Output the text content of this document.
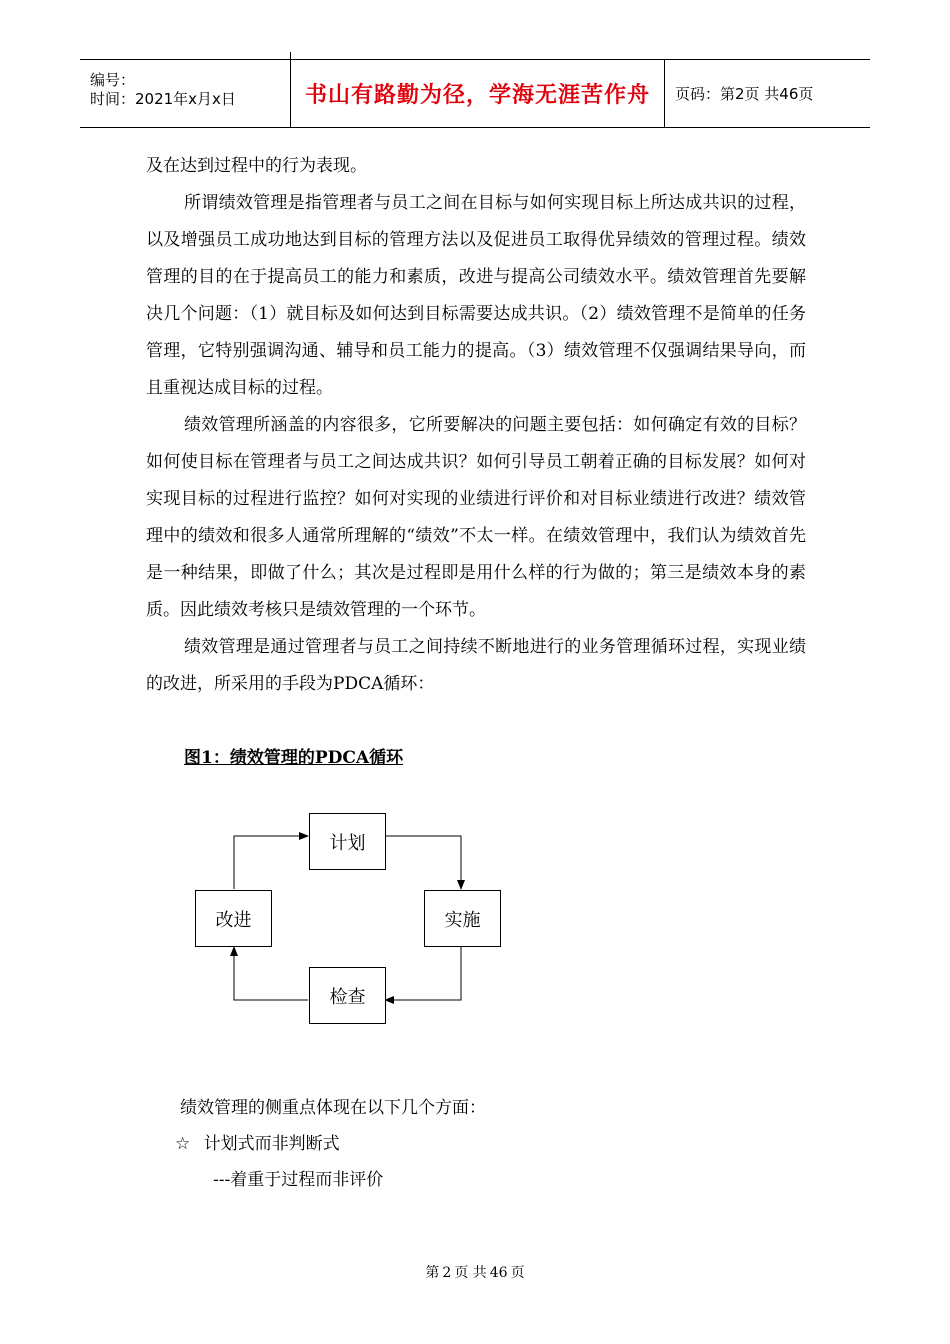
编号：
时间：2021年x月x日	书山有路勤为径，学海无涯苦作舟 页码：第2页 共46页

及在达到过程中的行为表现。

所谓绩效管理是指管理者与员工之间在目标与如何实现目标上所达成共识的过程，以及增强员工成功地达到目标的管理方法以及促进员工取得优异绩效的管理过程。绩效管理的目的在于提高员工的能力和素质，改进与提高公司绩效水平。绩效管理首先要解决几个问题：（1）就目标及如何达到目标需要达成共识。（2）绩效管理不是简单的任务管理，它特别强调沟通、辅导和员工能力的提高。（3）绩效管理不仅强调结果导向，而且重视达成目标的过程。

绩效管理所涵盖的内容很多，它所要解决的问题主要包括：如何确定有效的目标？如何使目标在管理者与员工之间达成共识？如何引导员工朝着正确的目标发展？如何对实现目标的过程进行监控？如何对实现的业绩进行评价和对目标业绩进行改进？绩效管理中的绩效和很多人通常所理解的“绩效”不太一样。在绩效管理中，我们认为绩效首先是一种结果，即做了什么；其次是过程即是用什么样的行为做的；第三是绩效本身的素质。因此绩效考核只是绩效管理的一个环节。

绩效管理是通过管理者与员工之间持续不断地进行的业务管理循环过程，实现业绩的改进，所采用的手段为PDCA循环：

图1：绩效管理的PDCA循环
计划
实施
检查
改进
绩效管理的侧重点体现在以下几个方面：
☆ 计划式而非判断式
---着重于过程而非评价
第 2 页 共 46 页
